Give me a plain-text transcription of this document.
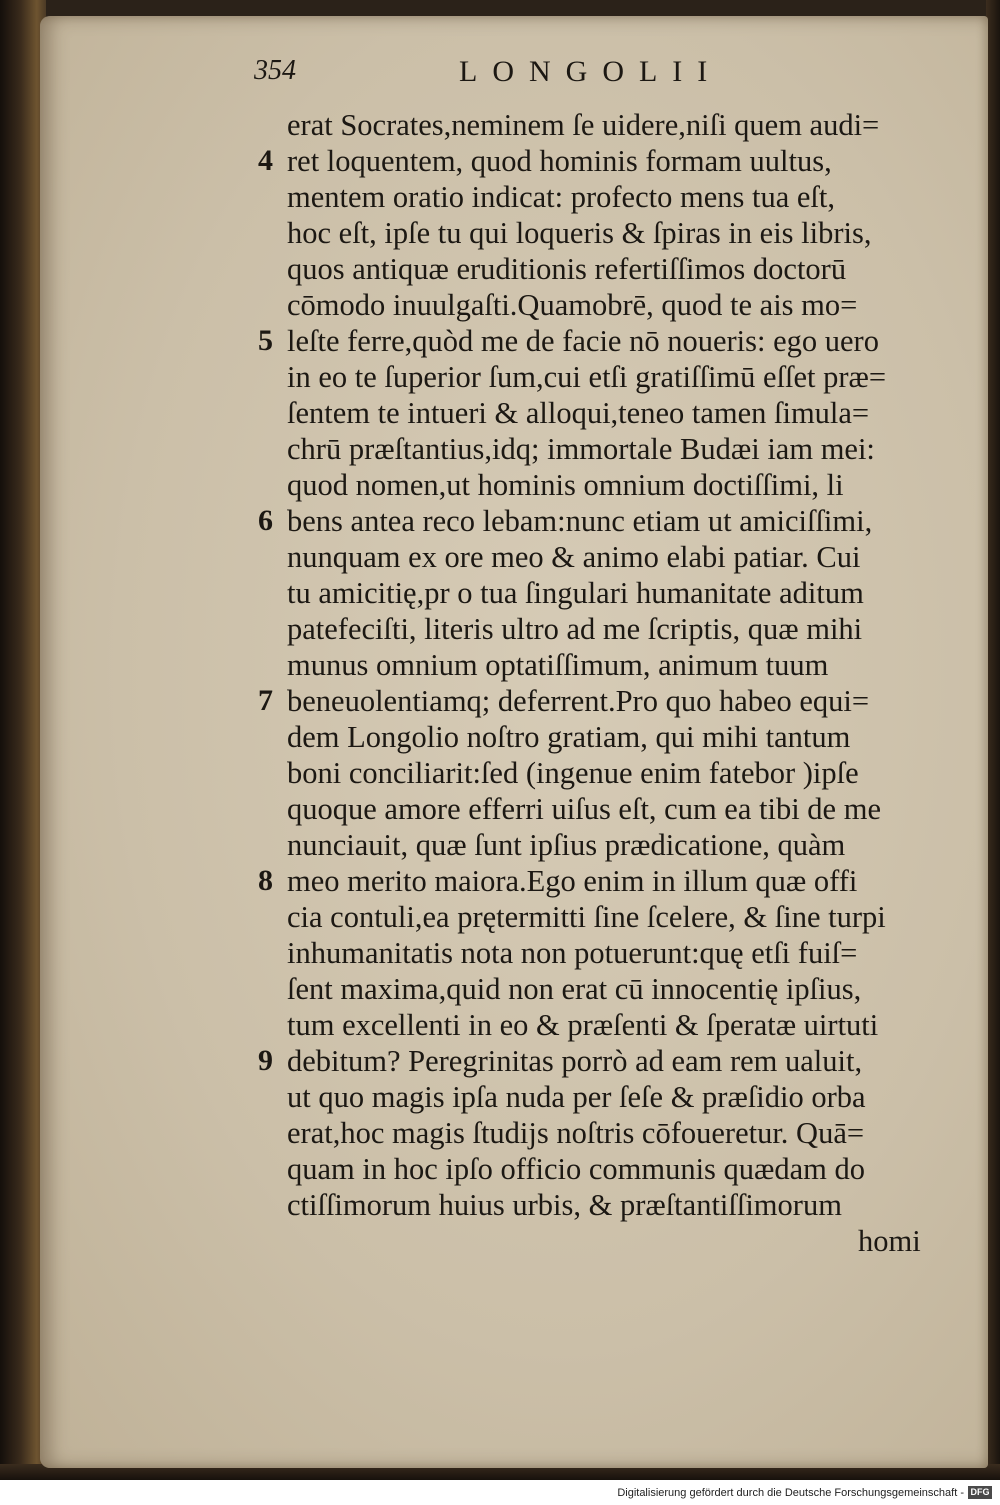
354	LONGOLII
erat Socrates,neminem ſe uidere,niſi quem audi=
ret loquentem, quod hominis formam uultus,
mentem oratio indicat: profecto mens tua eſt,
hoc eſt, ipſe tu qui loqueris & ſpiras in eis libris,
quos antiquæ eruditionis refertiſſimos doctorū
cōmodo inuulgaſti.Quamobrē, quod te ais mo=
leſte ferre,quòd me de facie nō noueris: ego uero
in eo te ſuperior ſum,cui etſi gratiſſimū eſſet præ=
ſentem te intueri & alloqui,teneo tamen ſimula=
chrū præſtantius,idq; immortale Budæi iam mei:
quod nomen,ut hominis omnium doctiſſimi, li
bens antea reco lebam:nunc etiam ut amiciſſimi,
nunquam ex ore meo & animo elabi patiar. Cui
tu amicitię,pr o tua ſingulari humanitate aditum
patefeciſti, literis ultro ad me ſcriptis, quæ mihi
munus omnium optatiſſimum, animum tuum
beneuolentiamq; deferrent.Pro quo habeo equi=
dem Longolio noſtro gratiam, qui mihi tantum
boni conciliarit:ſed (ingenue enim fatebor )ipſe
quoque amore efferri uiſus eſt, cum ea tibi de me
nunciauit, quæ ſunt ipſius prædicatione, quàm
meo merito maiora.Ego enim in illum quæ offi
cia contuli,ea prętermitti ſine ſcelere, & ſine turpi
inhumanitatis nota non potuerunt:quę etſi fuiſ=
ſent maxima,quid non erat cū innocentię ipſius,
tum excellenti in eo & præſenti & ſperatæ uirtuti
debitum? Peregrinitas porrò ad eam rem ualuit,
ut quo magis ipſa nuda per ſeſe & præſidio orba
erat,hoc magis ſtudijs noſtris cōfoueretur. Quā=
quam in hoc ipſo officio communis quædam do
ctiſſimorum huius urbis, & præſtantiſſimorum
homi
4
5
6
7
8
9
Digitalisierung gefördert durch die Deutsche Forschungsgemeinschaft - DFG
